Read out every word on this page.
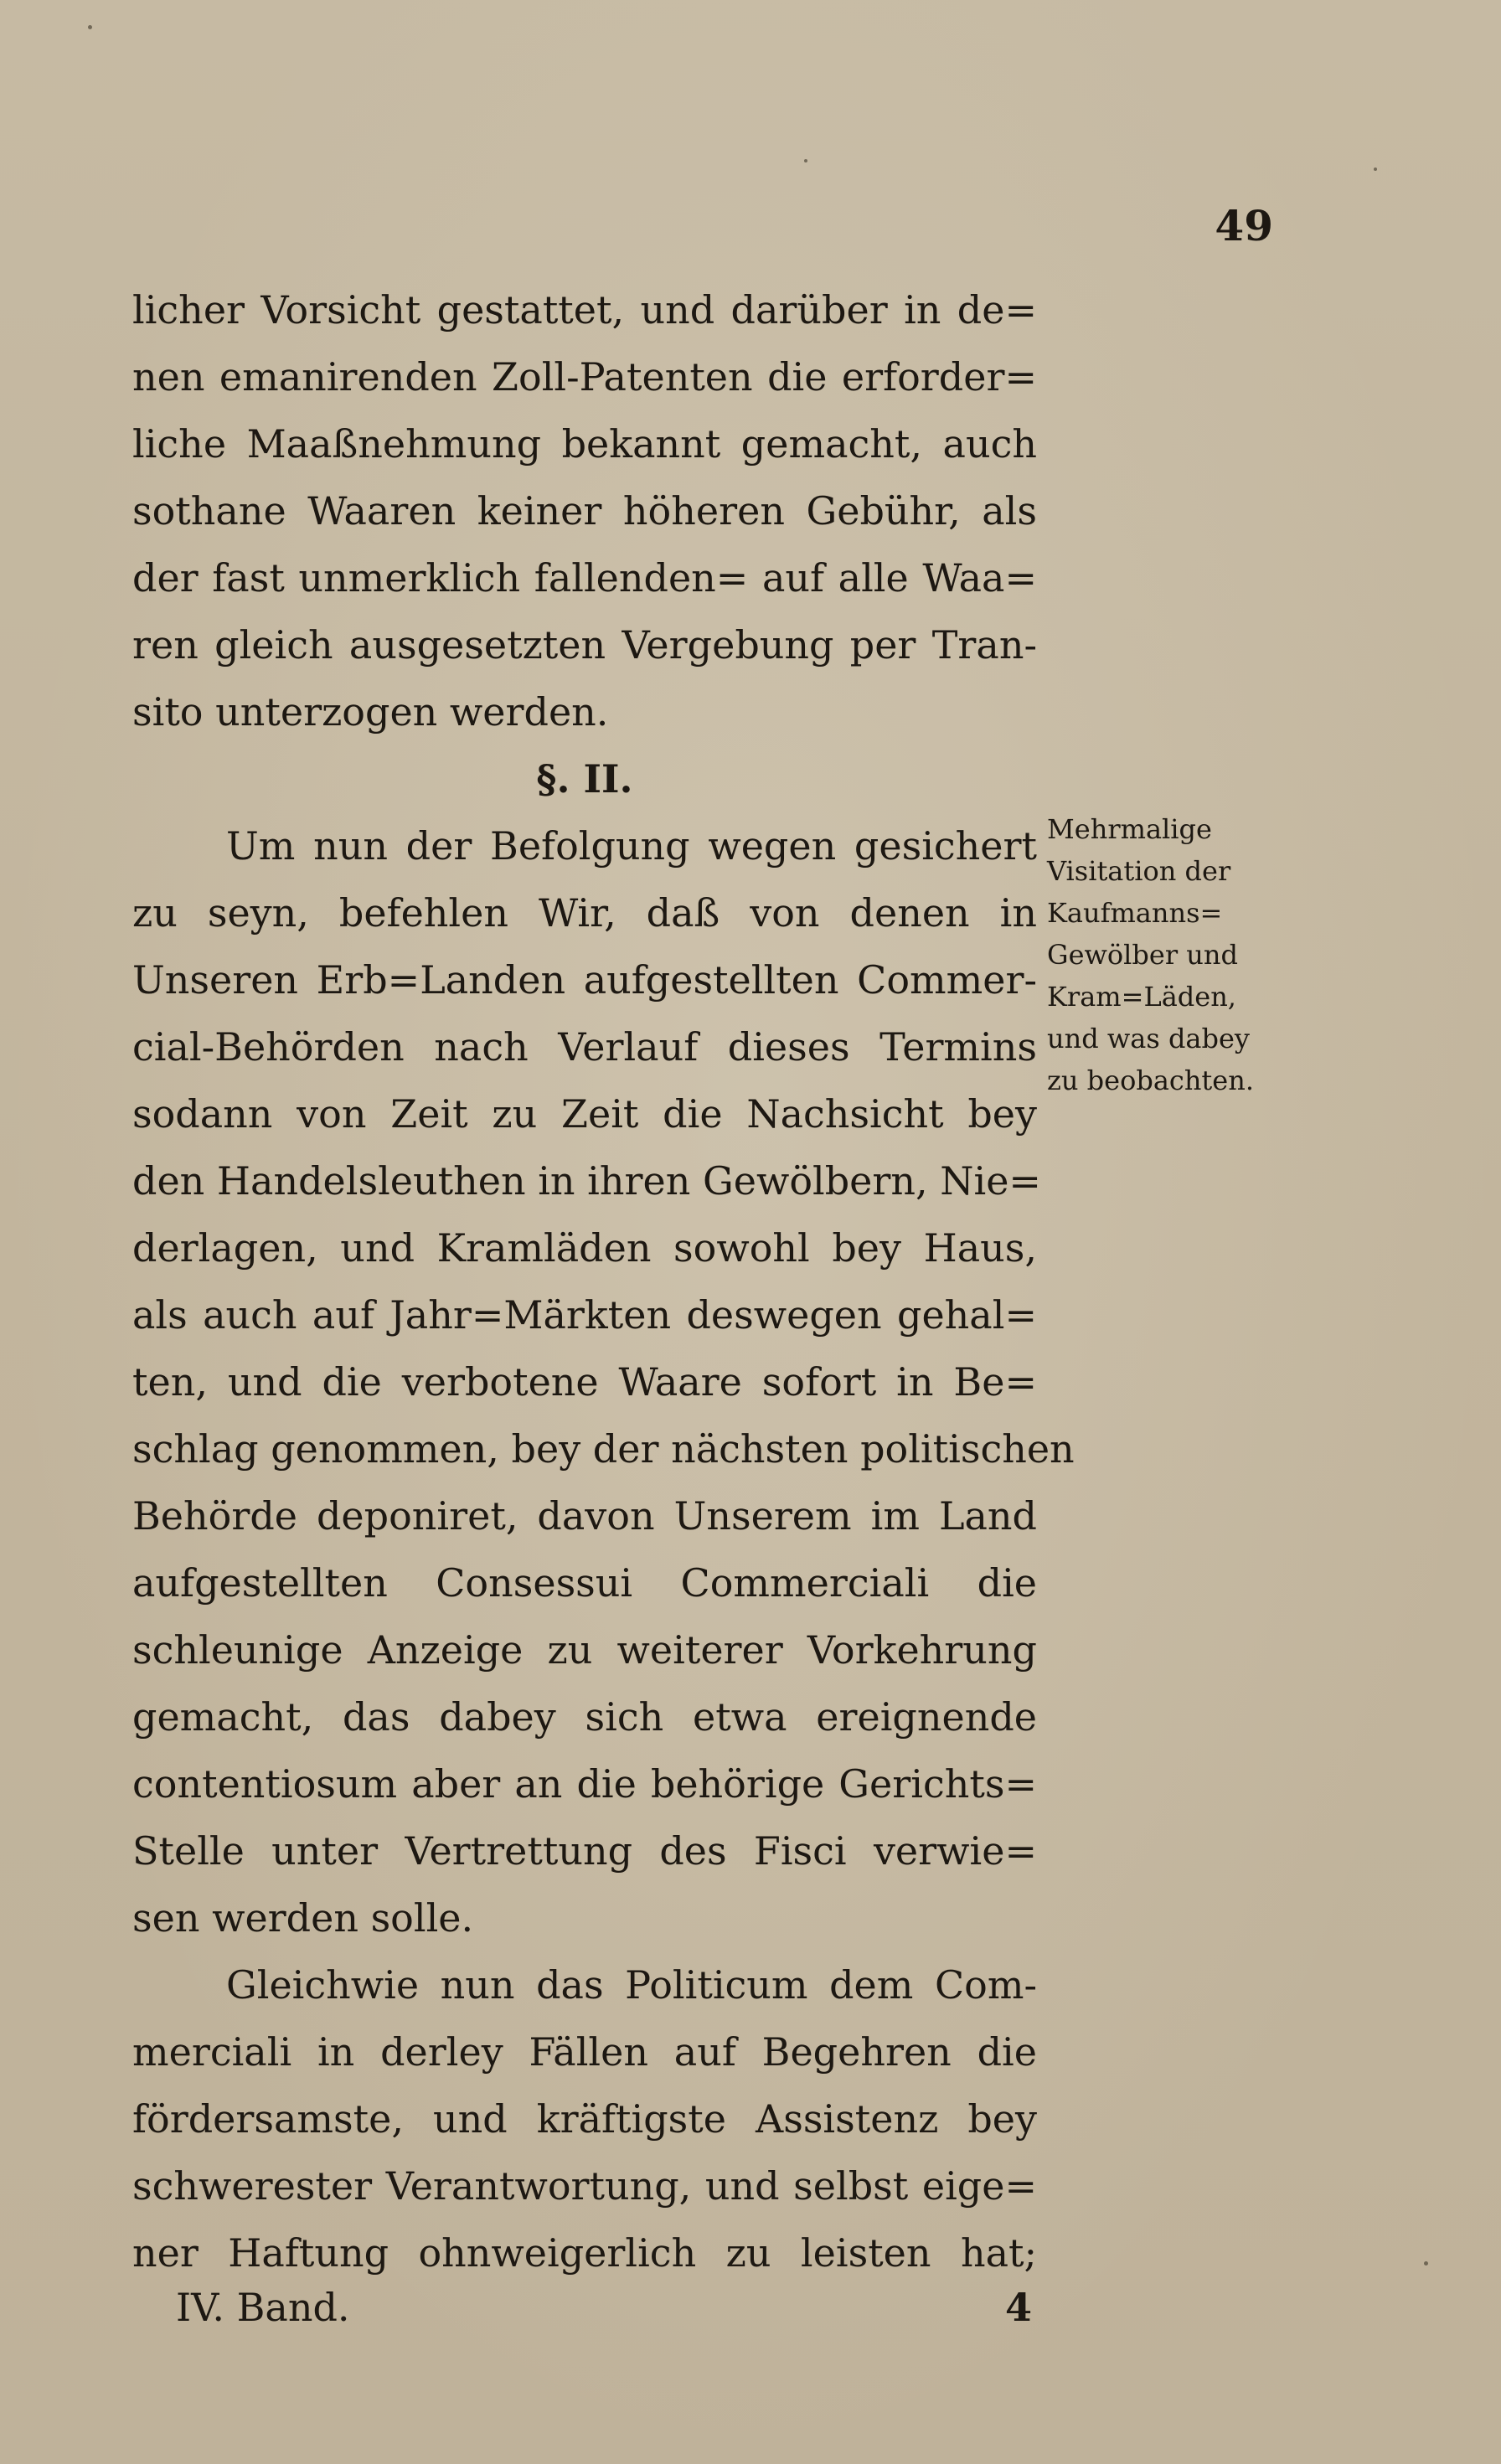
49
licher Vorsicht gestattet, und darüber in de=
nen emanirenden Zoll-Patenten die erforder=
liche Maaßnehmung bekannt gemacht, auch
sothane Waaren keiner höheren Gebühr, als
der fast unmerklich fallenden= auf alle Waa=
ren gleich ausgesetzten Vergebung per Tran-
sito unterzogen werden.
§. II.
Um nun der Befolgung wegen gesichert
zu seyn, befehlen Wir, daß von denen in
Unseren Erb=Landen aufgestellten Commer-
cial-Behörden nach Verlauf dieses Termins
sodann von Zeit zu Zeit die Nachsicht bey
den Handelsleuthen in ihren Gewölbern, Nie=
derlagen, und Kramläden sowohl bey Haus,
als auch auf Jahr=Märkten deswegen gehal=
ten, und die verbotene Waare sofort in Be=
schlag genommen, bey der nächsten politischen
Behörde deponiret, davon Unserem im Land
aufgestellten Consessui Commerciali die
schleunige Anzeige zu weiterer Vorkehrung
gemacht, das dabey sich etwa ereignende
contentiosum aber an die behörige Gerichts=
Stelle unter Vertrettung des Fisci verwie=
sen werden solle.
Gleichwie nun das Politicum dem Com-
merciali in derley Fällen auf Begehren die
fördersamste, und kräftigste Assistenz bey
schwerester Verantwortung, und selbst eige=
ner Haftung ohnweigerlich zu leisten hat;
Mehrmalige
Visitation der
Kaufmanns=
Gewölber und
Kram=Läden,
und was dabey
zu beobachten.
IV. Band.	4
